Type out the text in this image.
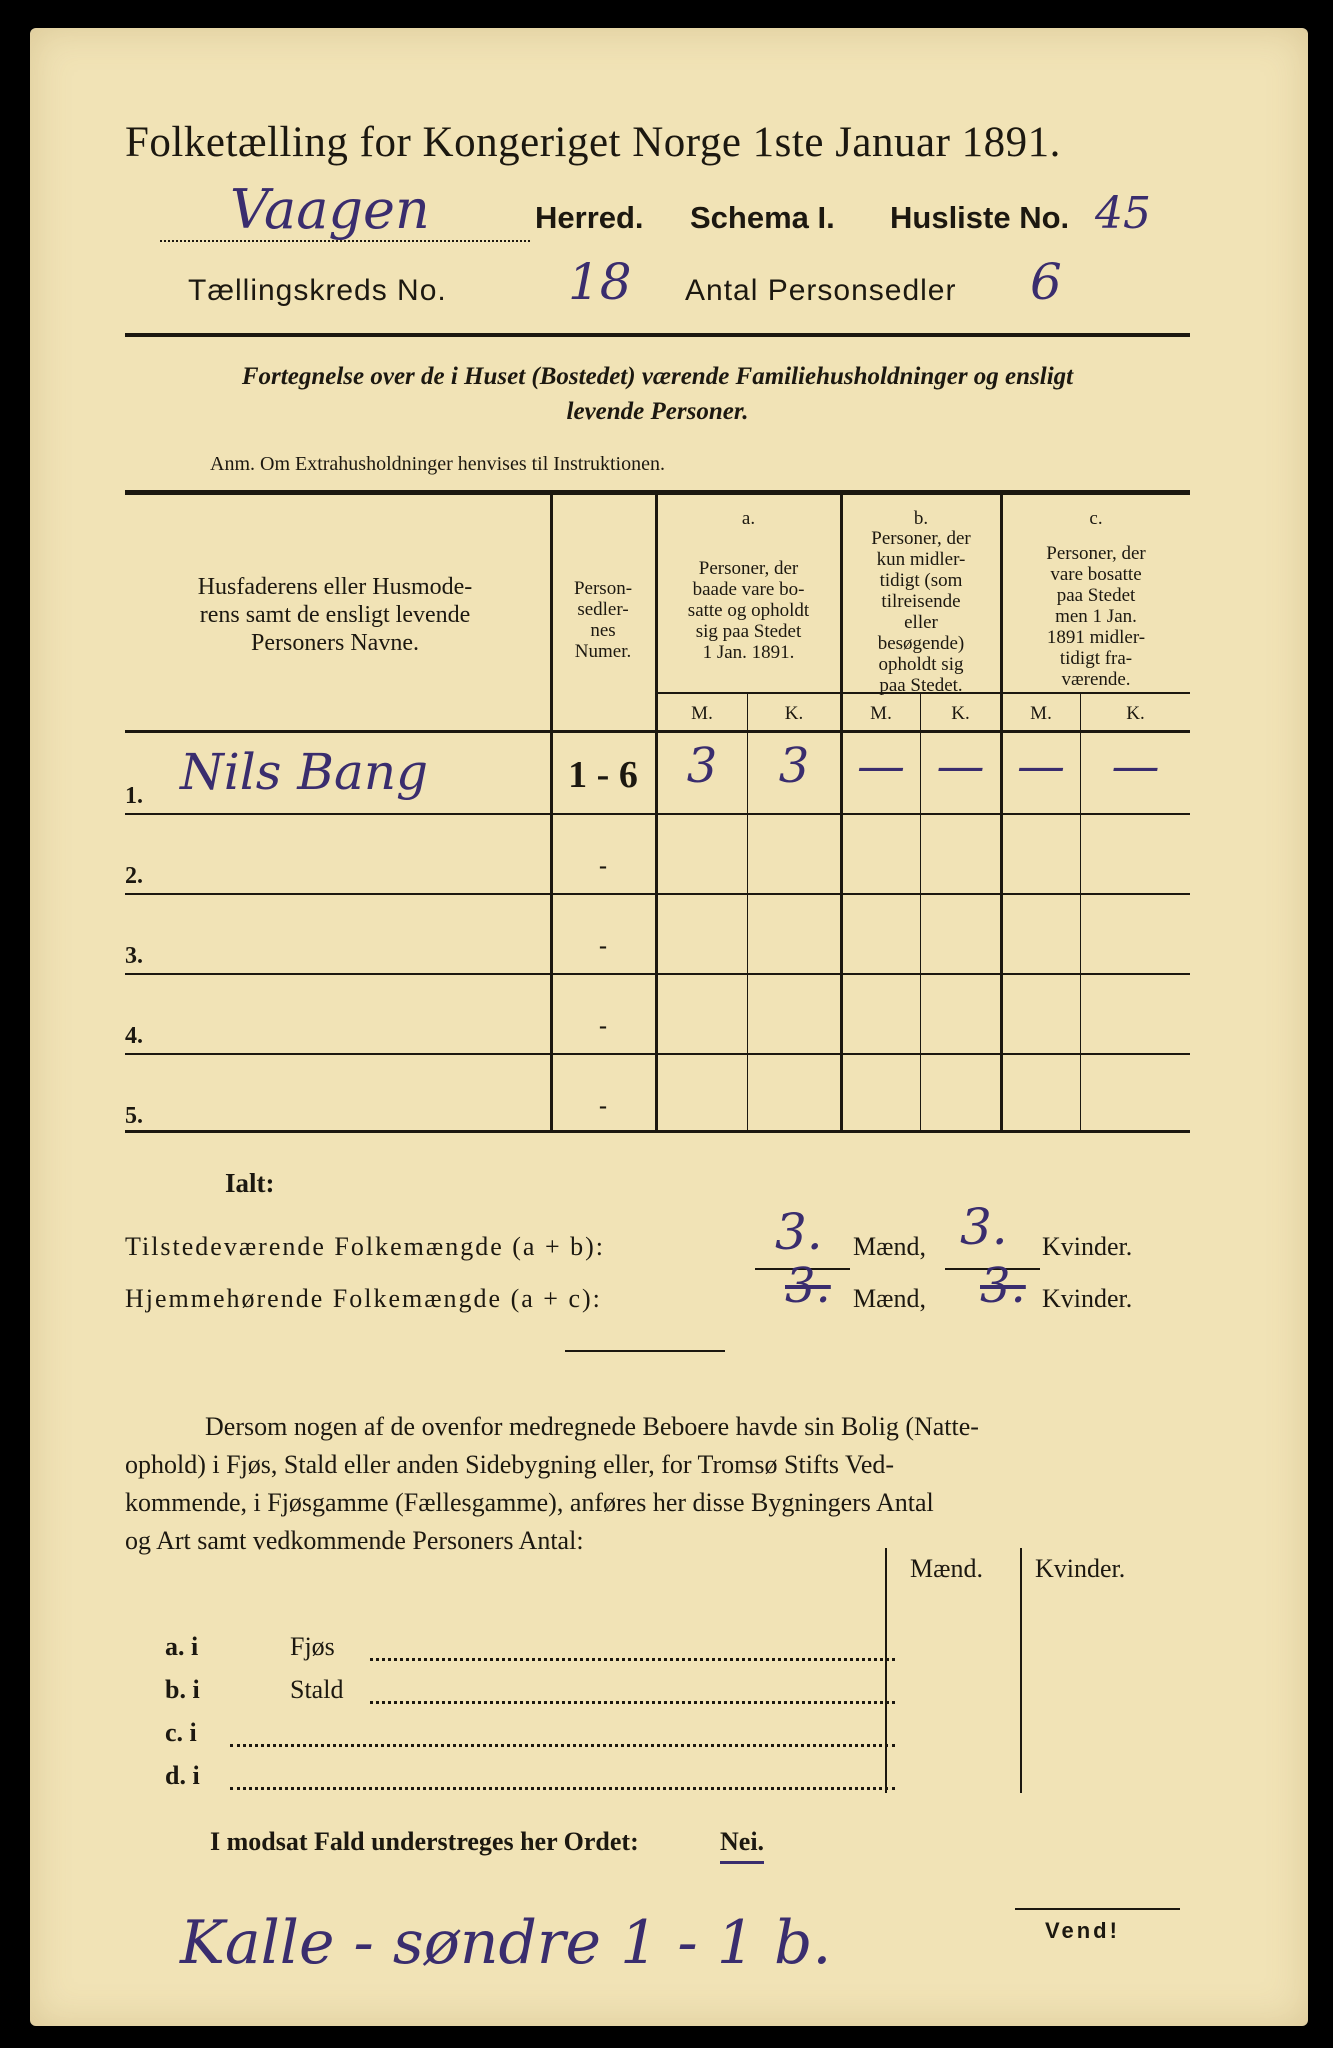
Folketælling for Kongeriget Norge 1ste Januar 1891.
Vaagen	Herred. Schema I. Husliste No. 45
Tællingskreds No. 18 Antal Personsedler 6
Fortegnelse over de i Huset (Bostedet) værende Familiehusholdninger og ensligt
levende Personer.
Anm. Om Extrahusholdninger henvises til Instruktionen.
Husfaderens eller Husmode-
rens samt de ensligt levende
Personers Navne.
Person-
sedler-
nes
Numer.
a.
Personer, der
baade vare bo-
satte og opholdt
sig paa Stedet
1 Jan. 1891.
b.
Personer, der
kun midler-
tidigt (som
tilreisende
eller
besøgende)
opholdt sig
paa Stedet.
c.
Personer, der
vare bosatte
paa Stedet
men 1 Jan.
1891 midler-
tidigt fra-
værende.
M.	K.	M.	K.	M.	K.
1. Nils Bang	1 - 6	3	3 — — — —
2.	-
3.	-
4.	-
5.	-
Ialt:
Tilstedeværende Folkemængde (a + b):	3. Mænd, 3. Kvinder.
Hjemmehørende Folkemængde (a + c):	3. Mænd, 3. Kvinder.
Dersom nogen af de ovenfor medregnede Beboere havde sin Bolig (Natte-
ophold) i Fjøs, Stald eller anden Sidebygning eller, for Tromsø Stifts Ved-
kommende, i Fjøsgamme (Fællesgamme), anføres her disse Bygningers Antal
og Art samt vedkommende Personers Antal:
Mænd. Kvinder.
a. i	Fjøs
b. i	Stald
c. i
d. i
I modsat Fald understreges her Ordet:	Nei.
Kalle - søndre 1 - 1 b.	Vend!
